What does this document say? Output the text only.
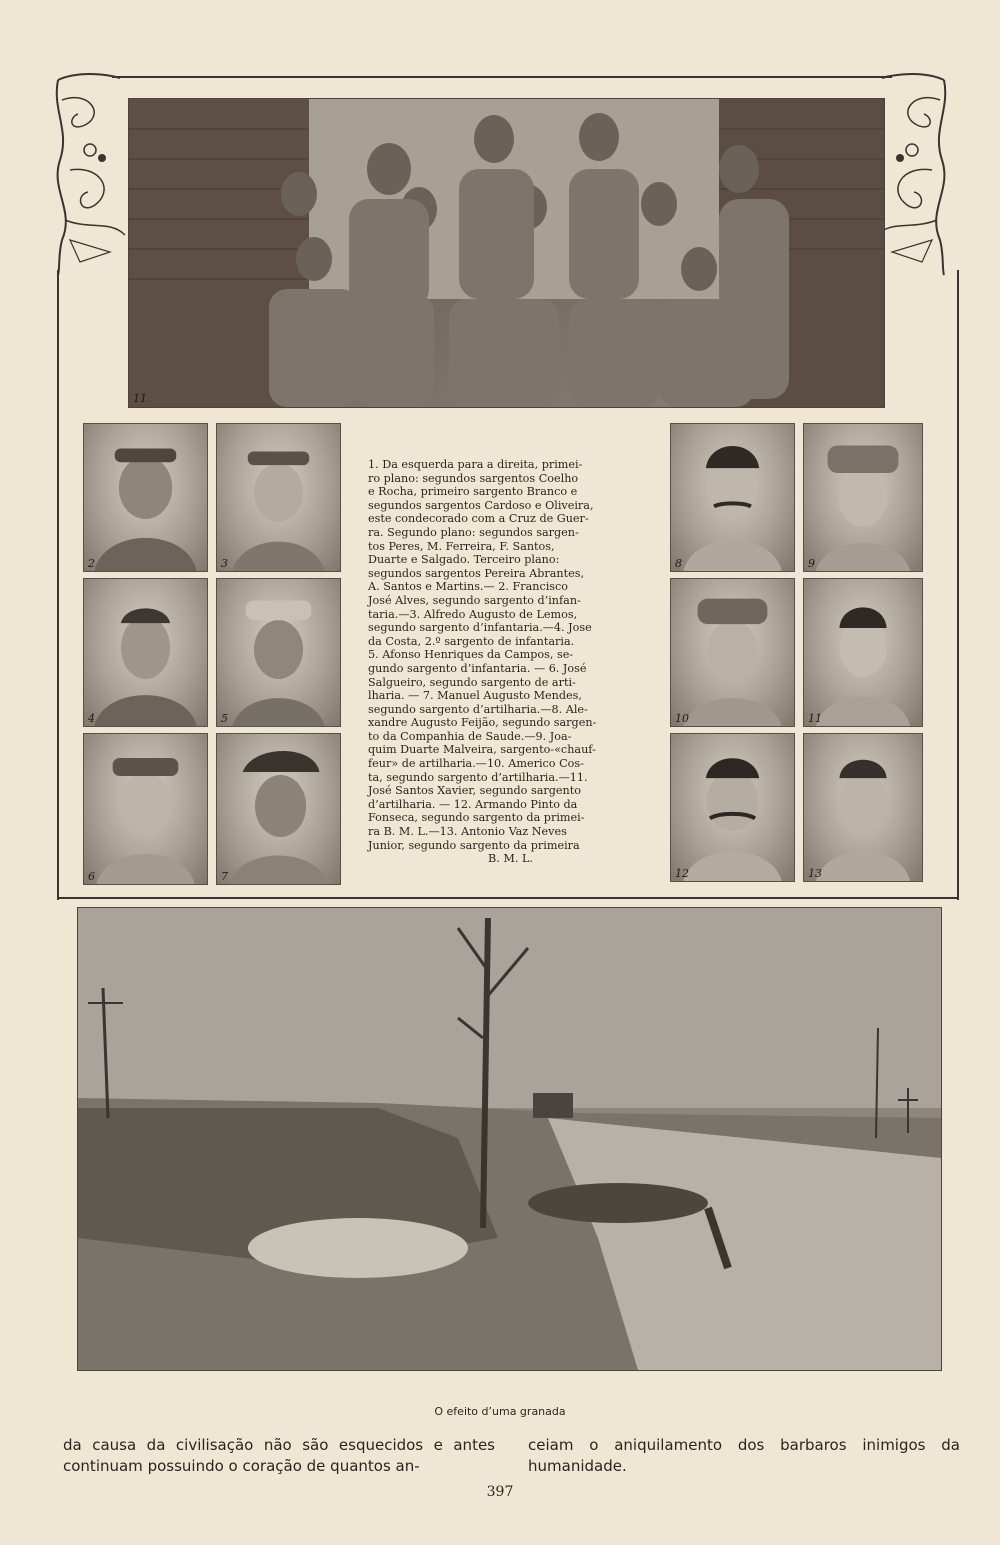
11
2	3
4	5
6	7
8	9
10	11
12	13
1. Da esquerda para a direita, primei-
ro plano: segundos sargentos Coelho
e Rocha, primeiro sargento Branco e
segundos sargentos Cardoso e Oliveira,
este condecorado com a Cruz de Guer-
ra. Segundo plano: segundos sargen-
tos Peres, M. Ferreira, F. Santos,
Duarte e Salgado. Terceiro plano:
segundos sargentos Pereira Abrantes,
A. Santos e Martins.— 2. Francisco
José Alves, segundo sargento d’infan-
taria.—3. Alfredo Augusto de Lemos,
segundo sargento d’infantaria.—4. Jose
da Costa, 2.º sargento de infantaria.
5. Afonso Henriques da Campos, se-
gundo sargento d’infantaria. — 6. José
Salgueiro, segundo sargento de arti-
lharia. — 7. Manuel Augusto Mendes,
segundo sargento d’artilharia.—8. Ale-
xandre Augusto Feijão, segundo sargen-
to da Companhia de Saude.—9. Joa-
quim Duarte Malveira, sargento-«chauf-
feur» de artilharia.—10. Americo Cos-
ta, segundo sargento d’artilharia.—11.
José Santos Xavier, segundo sargento
d’artilharia. — 12. Armando Pinto da
Fonseca, segundo sargento da primei-
ra B. M. L.—13. Antonio Vaz Neves
Junior, segundo sargento da primeira
B. M. L.
O efeito d’uma granada
da causa da civilisação não são esquecidos e antes continuam possuindo o coração de quantos an-
ceiam o aniquilamento dos barbaros inimigos da humanidade.
397
